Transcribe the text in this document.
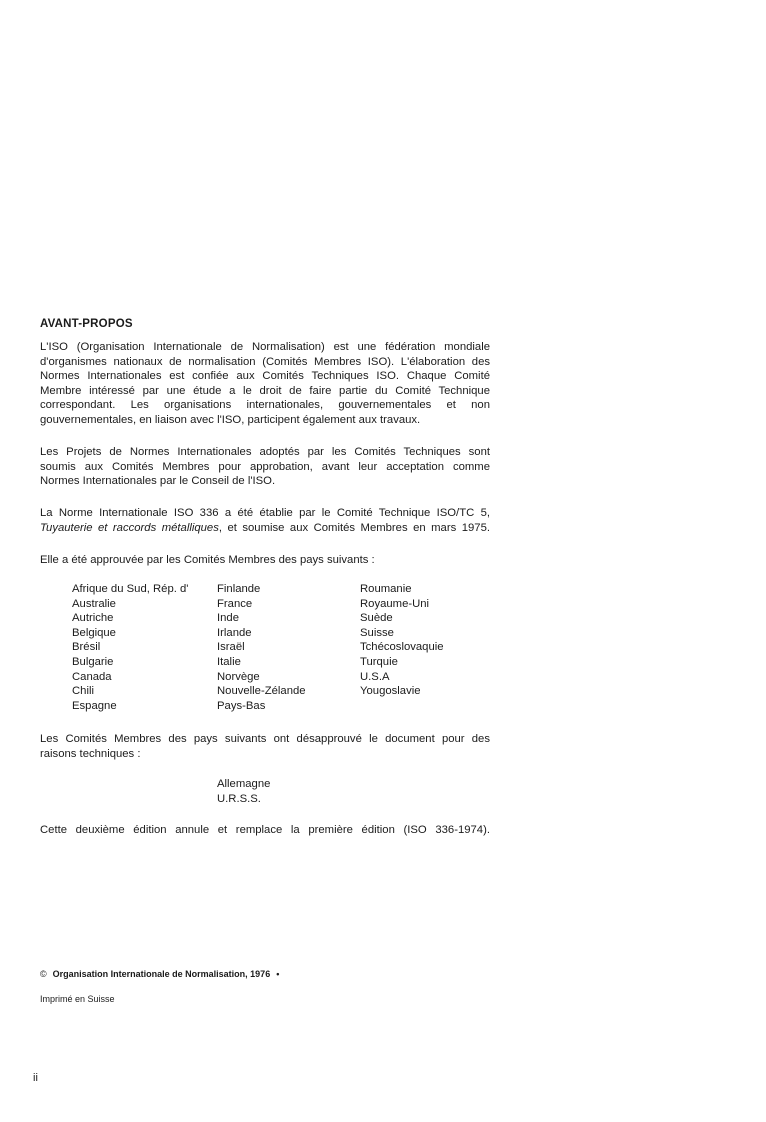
AVANT-PROPOS
L'ISO (Organisation Internationale de Normalisation) est une fédération mondiale
d'organismes nationaux de normalisation (Comités Membres ISO). L'élaboration des
Normes Internationales est confiée aux Comités Techniques ISO. Chaque Comité
Membre intéressé par une étude a le droit de faire partie du Comité Technique
correspondant. Les organisations internationales, gouvernementales et non
gouvernementales, en liaison avec l'ISO, participent également aux travaux.
Les Projets de Normes Internationales adoptés par les Comités Techniques sont
soumis aux Comités Membres pour approbation, avant leur acceptation comme
Normes Internationales par le Conseil de l'ISO.
La Norme Internationale ISO 336 a été établie par le Comité Technique ISO/TC 5,
Tuyauterie et raccords métalliques, et soumise aux Comités Membres en mars 1975.
Elle a été approuvée par les Comités Membres des pays suivants :
Afrique du Sud, Rép. d'
Australie
Autriche
Belgique
Brésil
Bulgarie
Canada
Chili
Espagne
Finlande
France
Inde
Irlande
Israël
Italie
Norvège
Nouvelle-Zélande
Pays-Bas
Roumanie
Royaume-Uni
Suède
Suisse
Tchécoslovaquie
Turquie
U.S.A
Yougoslavie
Les Comités Membres des pays suivants ont désapprouvé le document pour des
raisons techniques :
Allemagne
U.R.S.S.
Cette deuxième édition annule et remplace la première édition (ISO 336-1974).
© Organisation Internationale de Normalisation, 1976 •
Imprimé en Suisse
ii
